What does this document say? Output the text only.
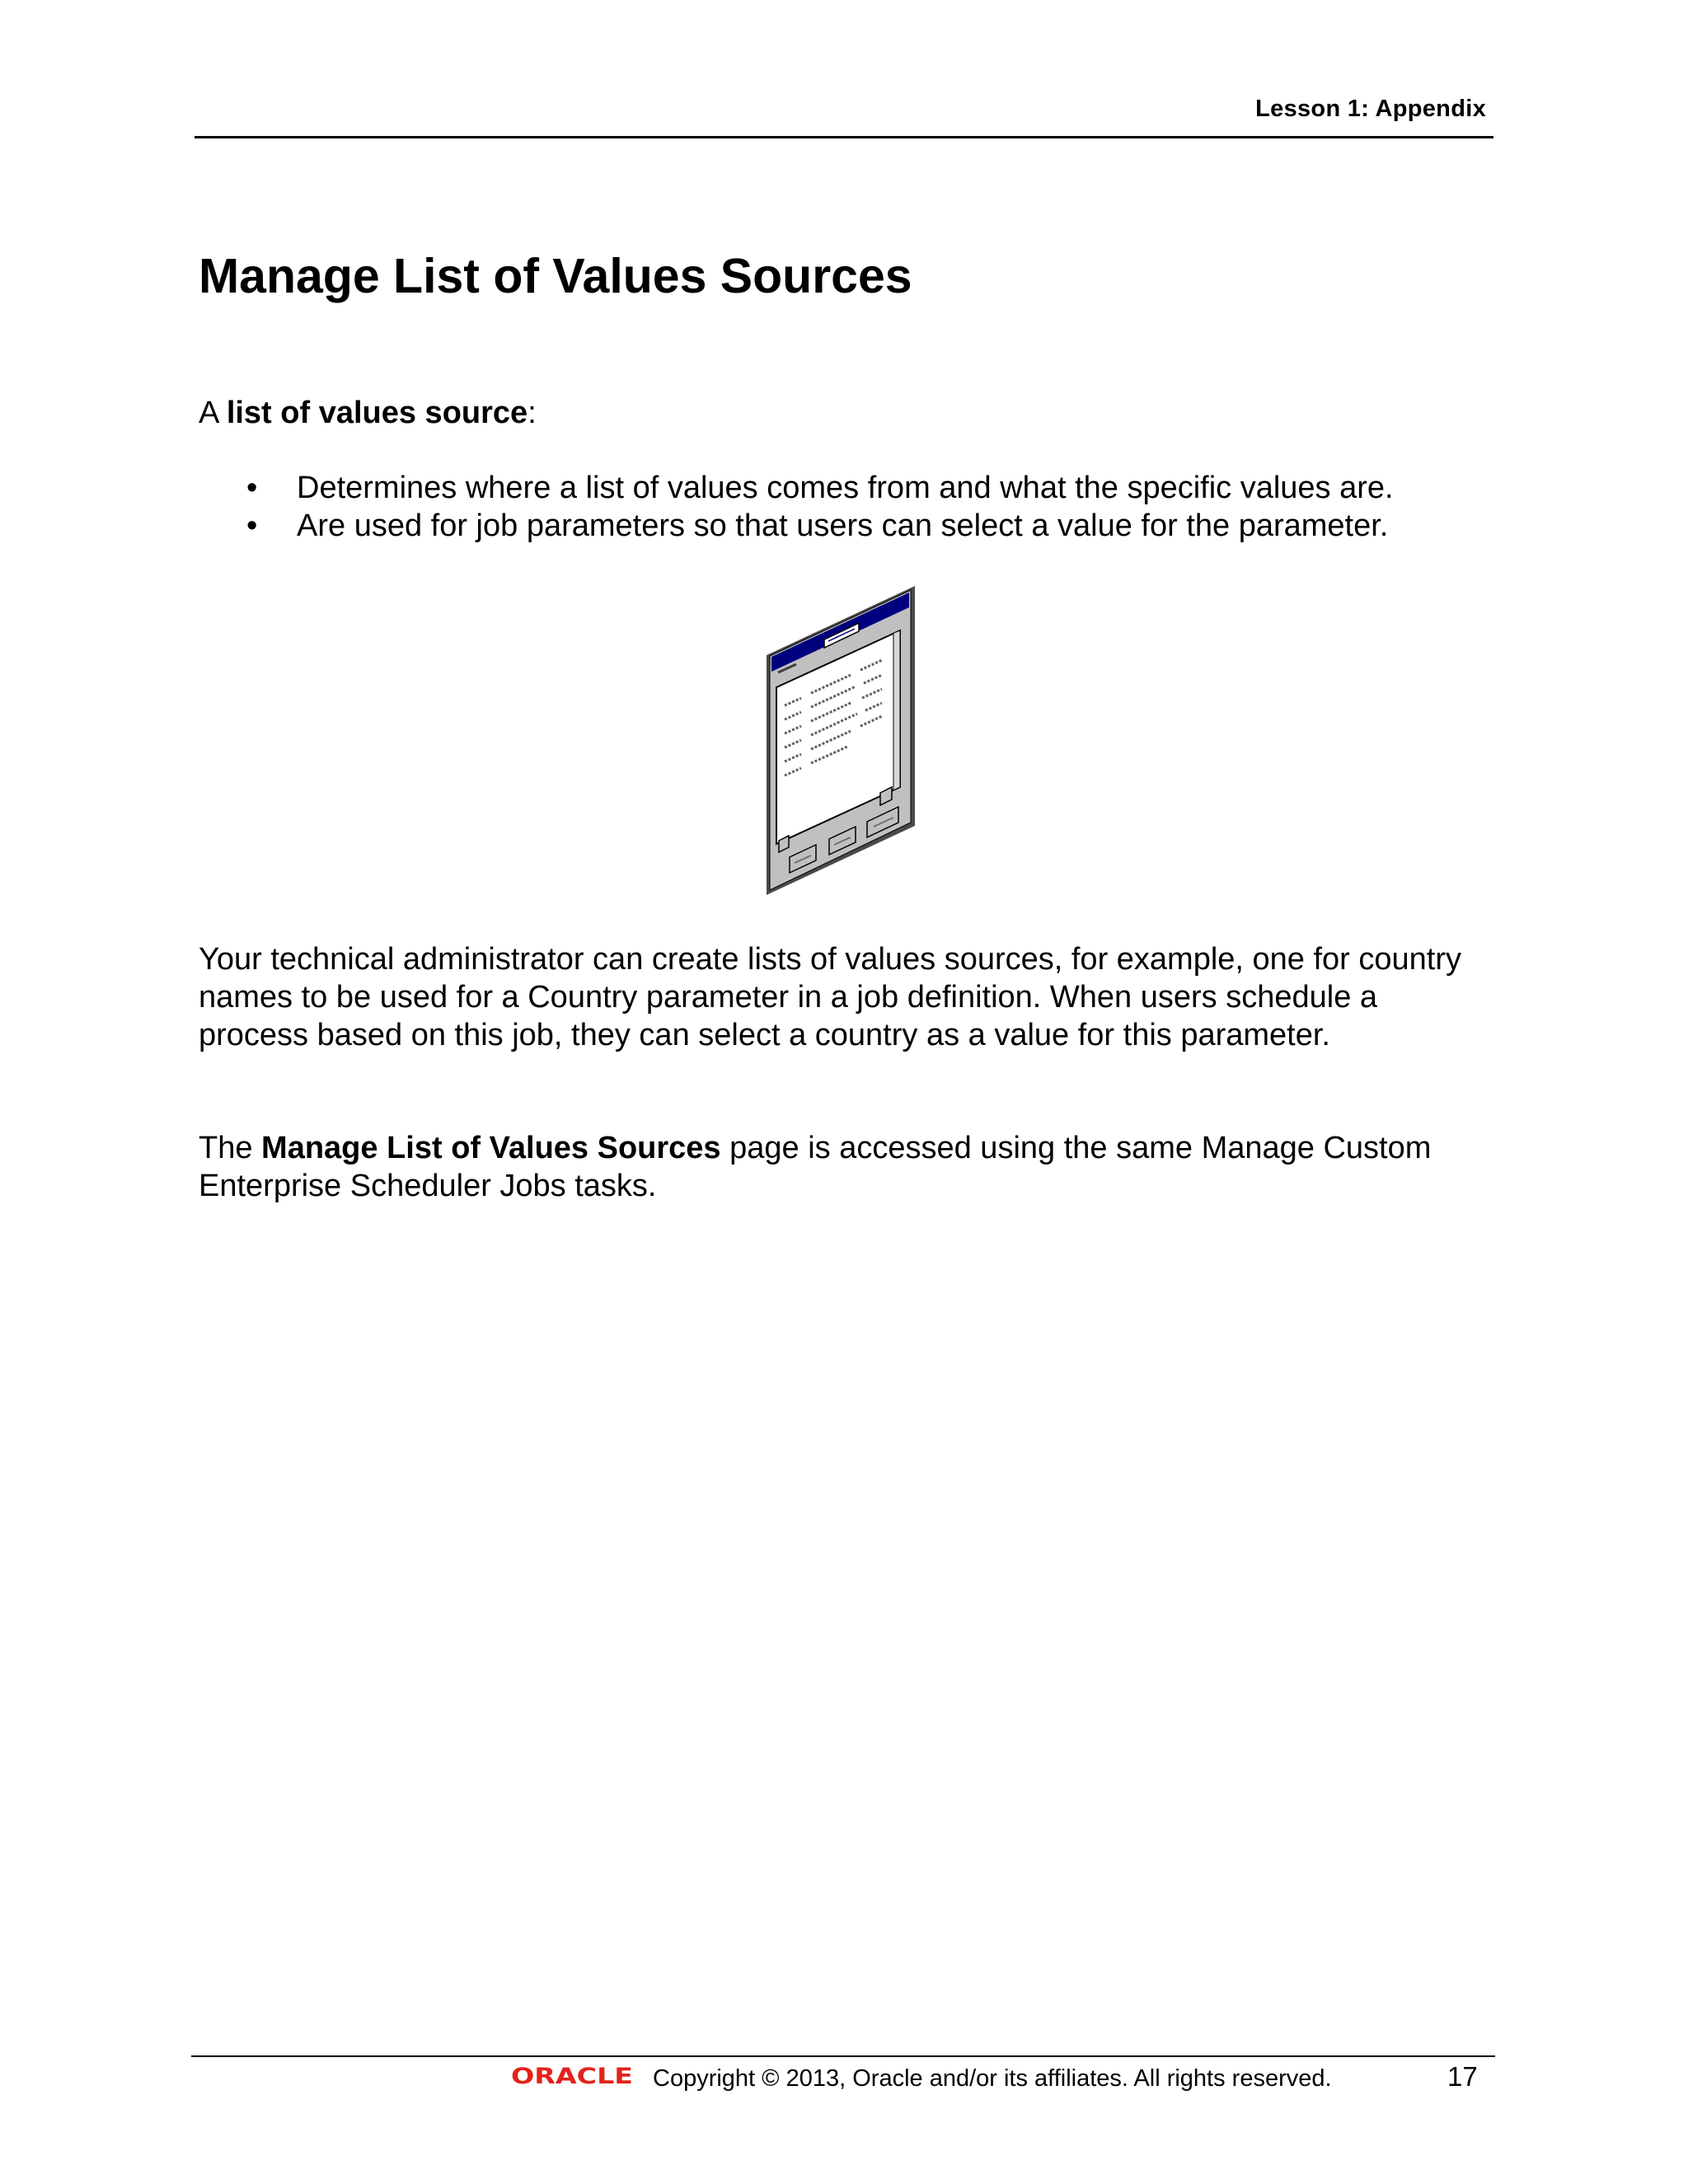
Lesson 1: Appendix
Manage List of Values Sources

A list of values source:

• Determines where a list of values comes from and what the specific values are.
• Are used for job parameters so that users can select a value for the parameter.

Your technical administrator can create lists of values sources, for example, one for country names to be used for a Country parameter in a job definition. When users schedule a process based on this job, they can select a country as a value for this parameter.

The Manage List of Values Sources page is accessed using the same Manage Custom Enterprise Scheduler Jobs tasks.

ORACLE Copyright © 2013, Oracle and/or its affiliates. All rights reserved.	17
